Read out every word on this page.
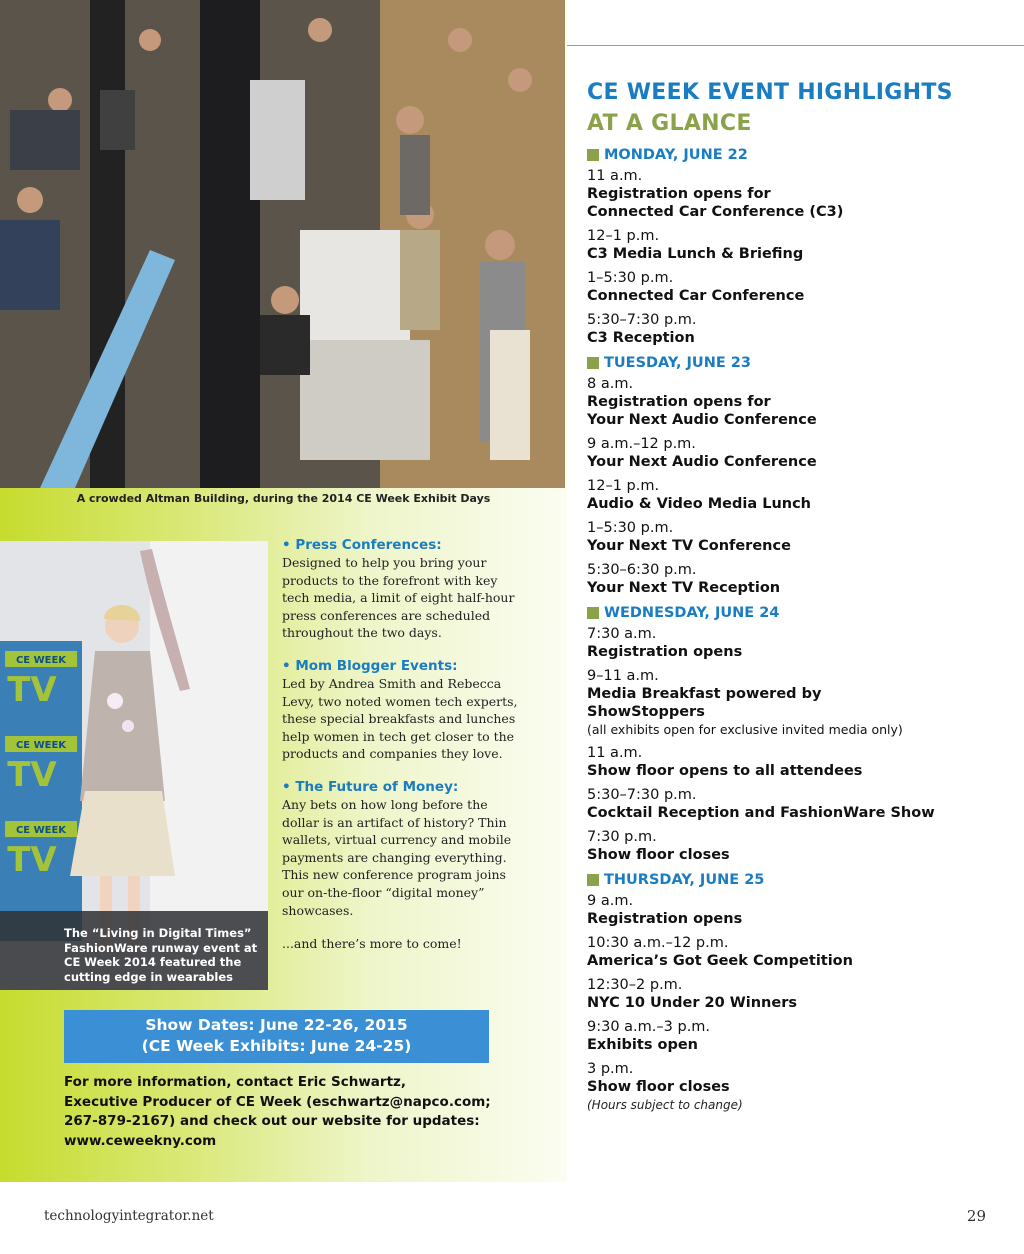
A crowded Altman Building, during the 2014 CE Week Exhibit Days
CE WEEK
TV
CE WEEK
TV
CE WEEK
TV
The “Living in Digital Times”
FashionWare runway event at
CE Week 2014 featured the
cutting edge in wearables
• Press Conferences:
Designed to help you bring your
products to the forefront with key
tech media, a limit of eight half-hour
press conferences are scheduled
throughout the two days.
• Mom Blogger Events:
Led by Andrea Smith and Rebecca
Levy, two noted women tech experts,
these special breakfasts and lunches
help women in tech get closer to the
products and companies they love.
• The Future of Money:
Any bets on how long before the
dollar is an artifact of history? Thin
wallets, virtual currency and mobile
payments are changing everything.
This new conference program joins
our on-the-floor “digital money”
showcases.
...and there’s more to come!
Show Dates: June 22-26, 2015
(CE Week Exhibits: June 24-25)
For more information, contact Eric Schwartz,
Executive Producer of CE Week (eschwartz@napco.com;
267-879-2167) and check out our website for updates:
www.ceweekny.com
CE WEEK EVENT HIGHLIGHTS
AT A GLANCE
MONDAY, JUNE 22
11 a.m.
Registration opens for
Connected Car Conference (C3)
12–1 p.m.
C3 Media Lunch & Briefing
1–5:30 p.m.
Connected Car Conference
5:30–7:30 p.m.
C3 Reception
TUESDAY, JUNE 23
8 a.m.
Registration opens for
Your Next Audio Conference
9 a.m.–12 p.m.
Your Next Audio Conference
12–1 p.m.
Audio & Video Media Lunch
1–5:30 p.m.
Your Next TV Conference
5:30–6:30 p.m.
Your Next TV Reception
WEDNESDAY, JUNE 24
7:30 a.m.
Registration opens
9–11 a.m.
Media Breakfast powered by
ShowStoppers
(all exhibits open for exclusive invited media only)
11 a.m.
Show floor opens to all attendees
5:30–7:30 p.m.
Cocktail Reception and FashionWare Show
7:30 p.m.
Show floor closes
THURSDAY, JUNE 25
9 a.m.
Registration opens
10:30 a.m.–12 p.m.
America’s Got Geek Competition
12:30–2 p.m.
NYC 10 Under 20 Winners
9:30 a.m.–3 p.m.
Exhibits open
3 p.m.
Show floor closes
(Hours subject to change)
technologyintegrator.net	29
